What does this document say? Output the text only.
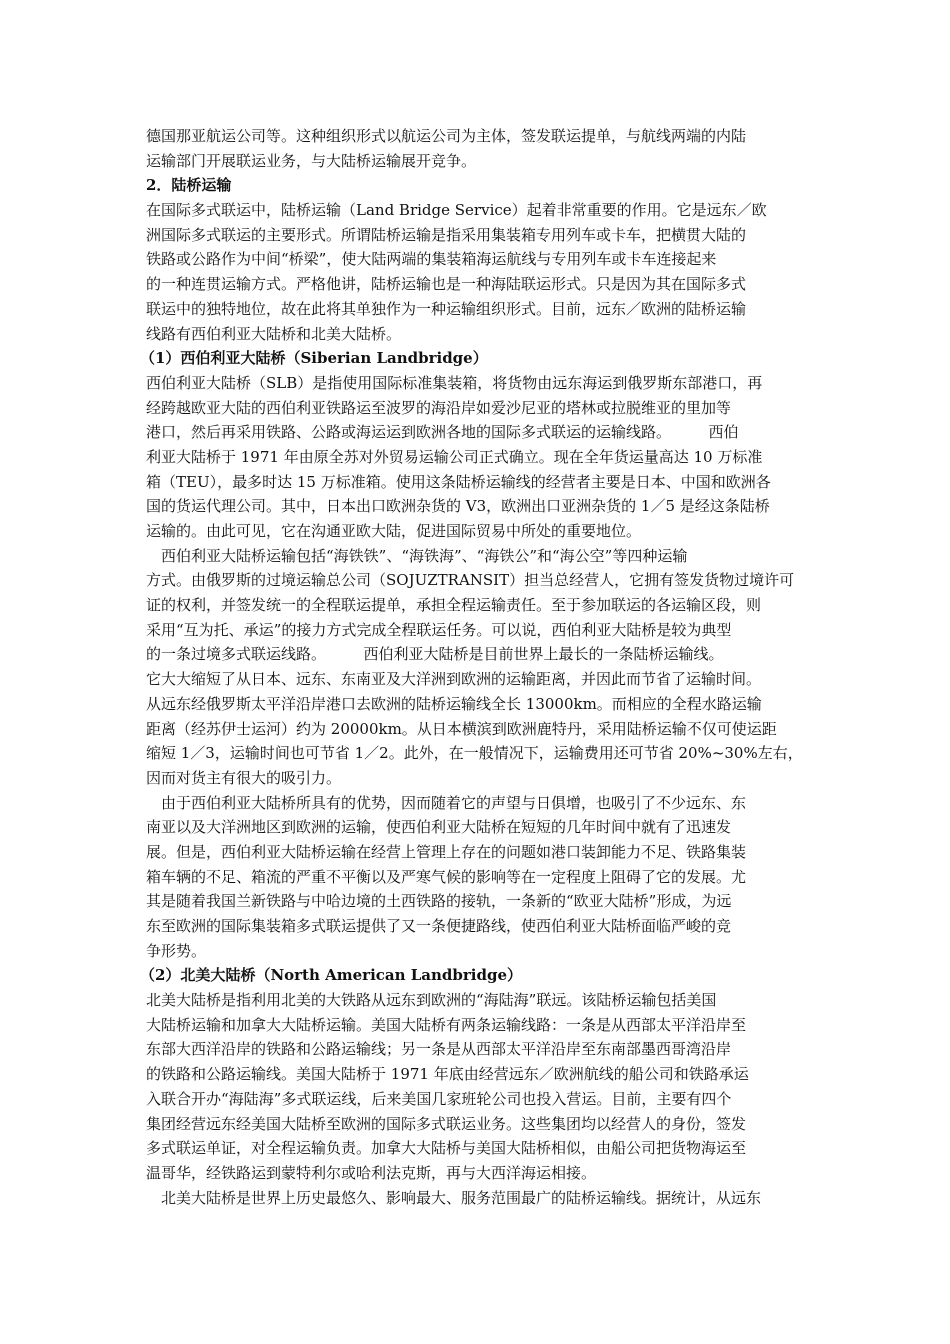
德国那亚航运公司等。这种组织形式以航运公司为主体，签发联运提单，与航线两端的内陆
运输部门开展联运业务，与大陆桥运输展开竞争。
2．陆桥运输
在国际多式联运中，陆桥运输（Land Bridge Service）起着非常重要的作用。它是远东／欧
洲国际多式联运的主要形式。所谓陆桥运输是指采用集装箱专用列车或卡车，把横贯大陆的
铁路或公路作为中间“桥梁”，使大陆两端的集装箱海运航线与专用列车或卡车连接起来
的一种连贯运输方式。严格他讲，陆桥运输也是一种海陆联运形式。只是因为其在国际多式
联运中的独特地位，故在此将其单独作为一种运输组织形式。目前，远东／欧洲的陆桥运输
线路有西伯利亚大陆桥和北美大陆桥。
（1）西伯利亚大陆桥（Siberian Landbridge）
西伯利亚大陆桥（SLB）是指使用国际标准集装箱，将货物由远东海运到俄罗斯东部港口，再
经跨越欧亚大陆的西伯利亚铁路运至波罗的海沿岸如爱沙尼亚的塔林或拉脱维亚的里加等
港口，然后再采用铁路、公路或海运运到欧洲各地的国际多式联运的运输线路。　　　西伯
利亚大陆桥于 1971 年由原全苏对外贸易运输公司正式确立。现在全年货运量高达 10 万标准
箱（TEU），最多时达 15 万标准箱。使用这条陆桥运输线的经营者主要是日本、中国和欧洲各
国的货运代理公司。其中，日本出口欧洲杂货的 V3，欧洲出口亚洲杂货的 1／5 是经这条陆桥
运输的。由此可见，它在沟通亚欧大陆，促进国际贸易中所处的重要地位。
　西伯利亚大陆桥运输包括“海铁铁”、“海铁海”、“海铁公”和“海公空”等四种运输
方式。由俄罗斯的过境运输总公司（SOJUZTRANSIT）担当总经营人，它拥有签发货物过境许可
证的权利，并签发统一的全程联运提单，承担全程运输责任。至于参加联运的各运输区段，则
采用“互为托、承运”的接力方式完成全程联运任务。可以说，西伯利亚大陆桥是较为典型
的一条过境多式联运线路。　　　西伯利亚大陆桥是目前世界上最长的一条陆桥运输线。
它大大缩短了从日本、远东、东南亚及大洋洲到欧洲的运输距离，并因此而节省了运输时间。
从远东经俄罗斯太平洋沿岸港口去欧洲的陆桥运输线全长 13000km。而相应的全程水路运输
距离（经苏伊士运河）约为 20000km。从日本横滨到欧洲鹿特丹，采用陆桥运输不仅可使运距
缩短 1／3，运输时间也可节省 1／2。此外，在一般情况下，运输费用还可节省 20%~30%左右，
因而对货主有很大的吸引力。
　由于西伯利亚大陆桥所具有的优势，因而随着它的声望与日俱增，也吸引了不少远东、东
南亚以及大洋洲地区到欧洲的运输，使西伯利亚大陆桥在短短的几年时间中就有了迅速发
展。但是，西伯利亚大陆桥运输在经营上管理上存在的问题如港口装卸能力不足、铁路集装
箱车辆的不足、箱流的严重不平衡以及严寒气候的影响等在一定程度上阻碍了它的发展。尤
其是随着我国兰新铁路与中哈边境的土西铁路的接轨，一条新的“欧亚大陆桥”形成，为远
东至欧洲的国际集装箱多式联运提供了又一条便捷路线，使西伯利亚大陆桥面临严峻的竞
争形势。
（2）北美大陆桥（North American Landbridge）
北美大陆桥是指利用北美的大铁路从远东到欧洲的“海陆海”联远。该陆桥运输包括美国
大陆桥运输和加拿大大陆桥运输。美国大陆桥有两条运输线路：一条是从西部太平洋沿岸至
东部大西洋沿岸的铁路和公路运输线；另一条是从西部太平洋沿岸至东南部墨西哥湾沿岸
的铁路和公路运输线。美国大陆桥于 1971 年底由经营远东／欧洲航线的船公司和铁路承运
入联合开办“海陆海”多式联运线，后来美国几家班轮公司也投入营运。目前，主要有四个
集团经营远东经美国大陆桥至欧洲的国际多式联运业务。这些集团均以经营人的身份，签发
多式联运单证，对全程运输负责。加拿大大陆桥与美国大陆桥相似，由船公司把货物海运至
温哥华，经铁路运到蒙特利尔或哈利法克斯，再与大西洋海运相接。
　北美大陆桥是世界上历史最悠久、影响最大、服务范围最广的陆桥运输线。据统计，从远东
